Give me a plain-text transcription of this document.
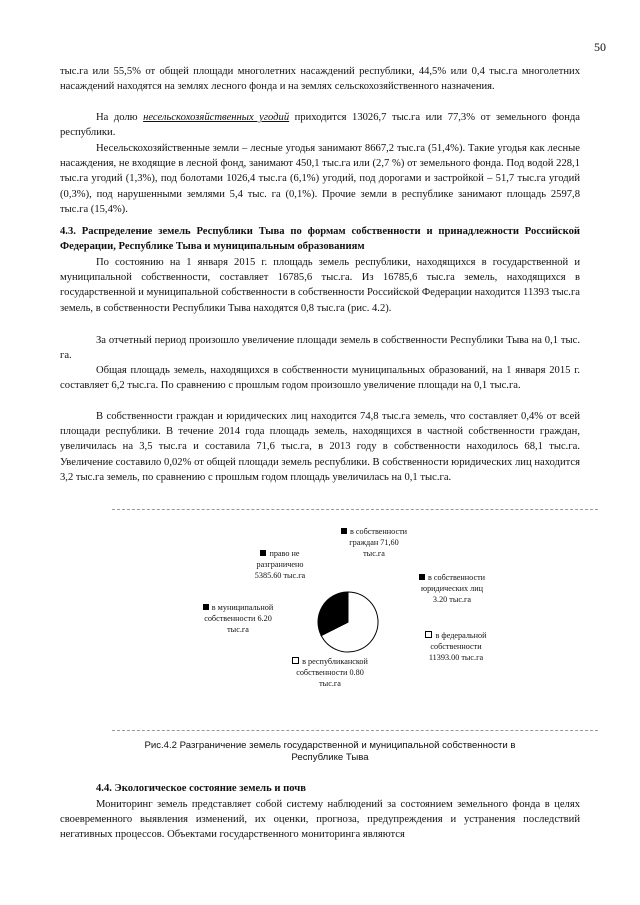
50

тыс.га или 55,5% от общей площади многолетних насаждений республики, 44,5% или 0,4 тыс.га многолетних насаждений находятся на землях лесного фонда и на землях сельскохозяйственного назначения.

На долю несельскохозяйственных угодий приходится 13026,7 тыс.га или 77,3% от земельного фонда республики.

Несельскохозяйственные земли – лесные угодья занимают 8667,2 тыс.га (51,4%). Такие угодья как лесные насаждения, не входящие в лесной фонд, занимают 450,1 тыс.га или (2,7 %) от земельного фонда. Под водой 228,1 тыс.га угодий (1,3%), под болотами 1026,4 тыс.га (6,1%) угодий, под дорогами и застройкой – 51,7 тыс.га угодий (0,3%), под нарушенными землями 5,4 тыс. га (0,1%). Прочие земли в республике занимают площадь 2597,8 тыс.га (15,4%).

4.3. Распределение земель Республики Тыва по формам собственности и принадлежности Российской Федерации, Республике Тыва и муниципальным образованиям

По состоянию на 1 января 2015 г. площадь земель республики, находящихся в государственной и муниципальной собственности, составляет 16785,6 тыс.га. Из 16785,6 тыс.га земель, находящихся в государственной и муниципальной собственности в собственности Российской Федерации находится 11393 тыс.га земель, в собственности Республики Тыва находятся 0,8 тыс.га (рис. 4.2).

За отчетный период произошло увеличение площади земель в собственности Республики Тыва на 0,1 тыс. га.

Общая площадь земель, находящихся в собственности муниципальных образований, на 1 января 2015 г. составляет 6,2 тыс.га. По сравнению с прошлым годом произошло увеличение площади на 0,1 тыс.га.

В собственности граждан и юридических лиц находится 74,8 тыс.га земель, что составляет 0,4% от всей площади республики. В течение 2014 года площадь земель, находящихся в частной собственности граждан, увеличилась на 3,5 тыс.га и составила 71,6 тыс.га, в 2013 году в собственности находилось 68,1 тыс.га. Увеличение составило 0,02% от общей площади земель республики. В собственности юридических лиц находится 3,2 тыс.га земель, по сравнению с прошлым годом площадь увеличилась на 0,1 тыс.га.

в собственности
граждан 71,60
тыс.га
право не
разграничено
5385.60 тыс.га	в собственности
юридических лиц
3.20 тыс.га
в муниципальной
собственности 6.20
тыс.га
в федеральной
собственности
11393.00 тыс.га
в республиканской
собственности 0.80
тыс.га
Рис.4.2 Разграничение земель государственной и муниципальной собственности в Республике Тыва

4.4. Экологическое состояние земель и почв

Мониторинг земель представляет собой систему наблюдений за состоянием земельного фонда в целях своевременного выявления изменений, их оценки, прогноза, предупреждения и устранения последствий негативных процессов. Объектами государственного мониторинга являются
